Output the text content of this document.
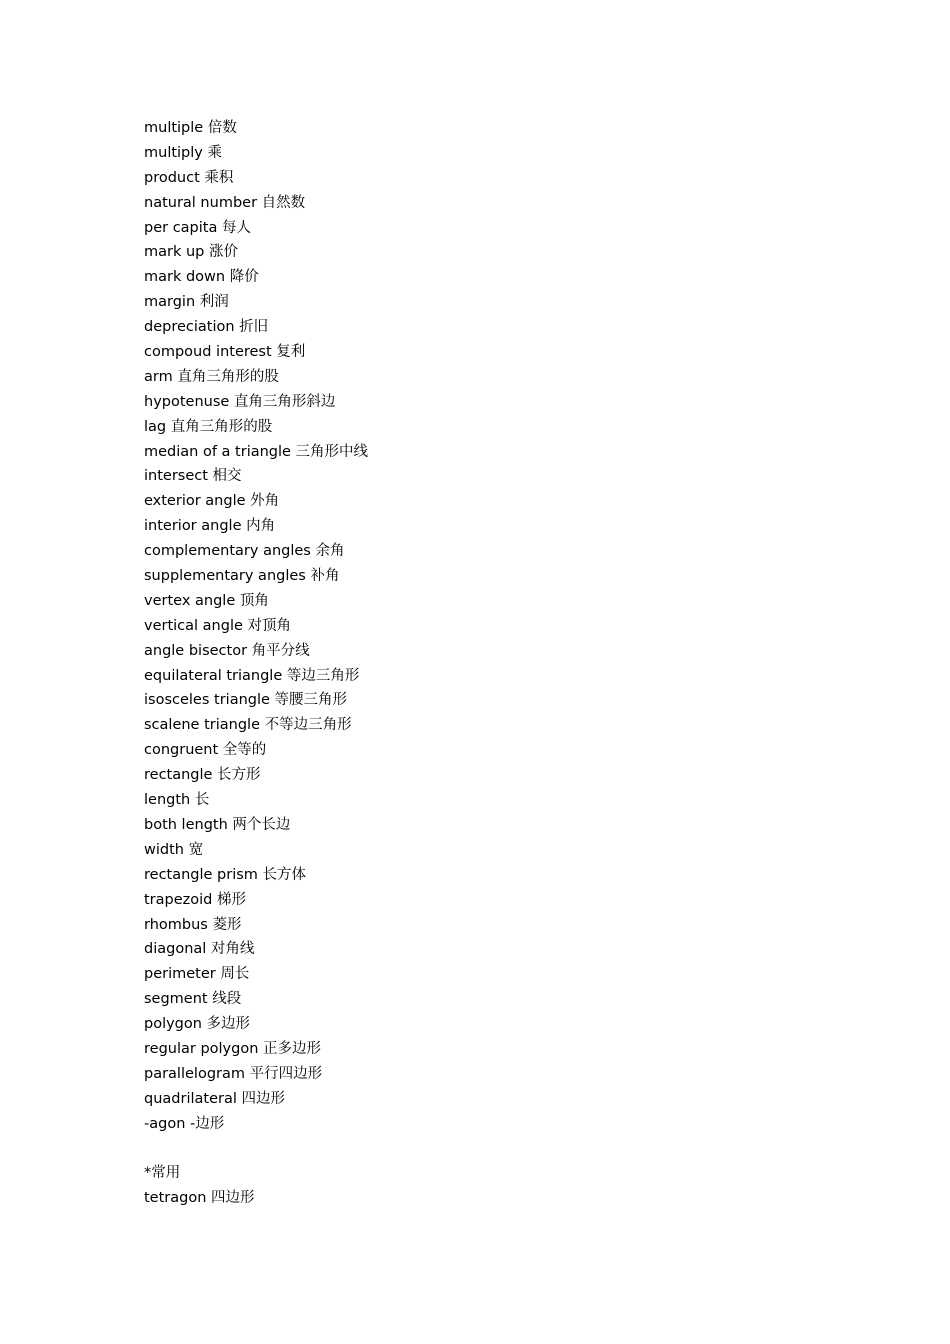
multiple 倍数
multiply 乘
product 乘积
natural number 自然数
per capita 每人
mark up 涨价
mark down 降价
margin 利润
depreciation 折旧
compoud interest 复利
arm 直角三角形的股
hypotenuse 直角三角形斜边
lag 直角三角形的股
median of a triangle 三角形中线
intersect 相交
exterior angle 外角
interior angle 内角
complementary angles 余角
supplementary angles 补角
vertex angle 顶角
vertical angle 对顶角
angle bisector 角平分线
equilateral triangle 等边三角形
isosceles triangle 等腰三角形
scalene triangle 不等边三角形
congruent 全等的
rectangle 长方形
length 长
both length 两个长边
width 宽
rectangle prism 长方体
trapezoid 梯形
rhombus 菱形
diagonal 对角线
perimeter 周长
segment 线段
polygon 多边形
regular polygon 正多边形
parallelogram 平行四边形
quadrilateral 四边形
-agon -边形
*常用
tetragon 四边形
